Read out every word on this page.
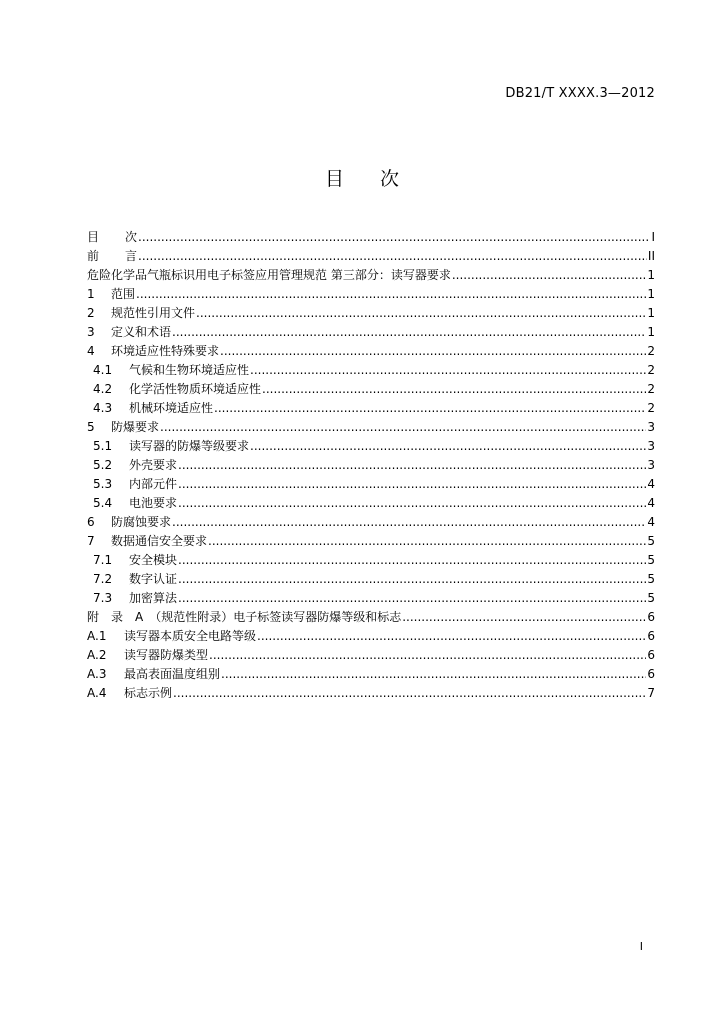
DB21/T XXXX.3—2012
目 次
目	次 .....	I
前	言 .....	II
危险化学品气瓶标识用电子标签应用管理规范 第三部分：读写器要求 .....	1
1	范围 .....	1
2	规范性引用文件 .....	1
3	定义和术语 .....	1
4	环境适应性特殊要求 .....	2
4.1	气候和生物环境适应性 .....	2
4.2	化学活性物质环境适应性 .....	2
4.3	机械环境适应性 .....	2
5	防爆要求 .....	3
5.1	读写器的防爆等级要求 .....	3
5.2	外壳要求 .....	3
5.3	内部元件 .....	4
5.4	电池要求 .....	4
6	防腐蚀要求 .....	4
7	数据通信安全要求 .....	5
7.1	安全模块 .....	5
7.2	数字认证 .....	5
7.3	加密算法 .....	5
附　录　A　（规范性附录）电子标签读写器防爆等级和标志 .....	6
A.1	读写器本质安全电路等级 .....	6
A.2	读写器防爆类型 .....	6
A.3	最高表面温度组别 .....	6
A.4	标志示例 .....	7
I
